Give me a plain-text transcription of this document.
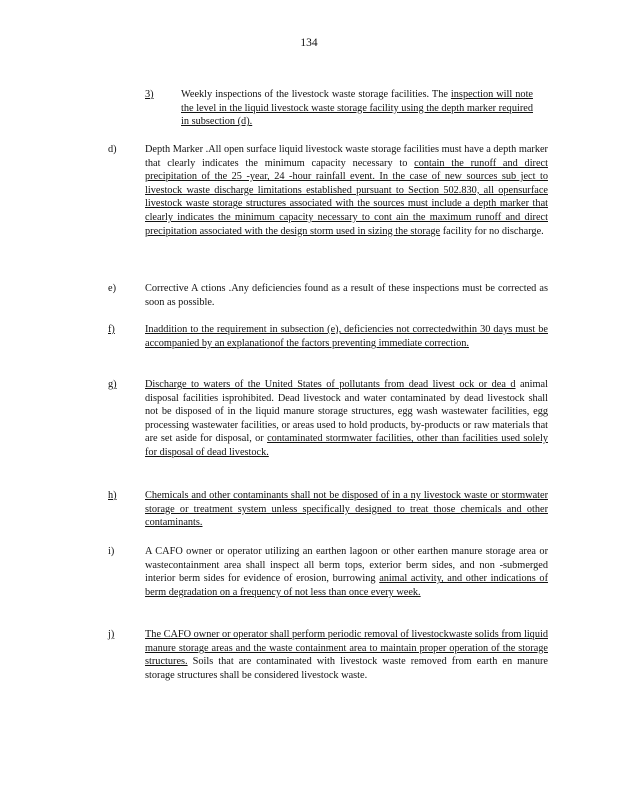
134
3)	Weekly inspections of the livestock waste storage facilities. The inspection will note the level in the liquid livestock waste storage facility using the depth marker required in subsection (d).
d)	Depth Marker .All open surface liquid livestock waste storage facilities must have a depth marker that clearly indicates the minimum capacity necessary to contain the runoff and direct precipitation of the 25 -year, 24 -hour rainfall event. In the case of new sources sub ject to livestock waste discharge limitations established pursuant to Section 502.830, all opensurface livestock waste storage structures associated with the sources must include a depth marker that clearly indicates the minimum capacity necessary to cont ain the maximum runoff and direct precipitation associated with the design storm used in sizing the storage facility for no discharge.
e)	Corrective A ctions .Any deficiencies found as a result of these inspections must be corrected as soon as possible.
f)	Inaddition to the requirement in subsection (e), deficiencies not correctedwithin 30 days must be accompanied by an explanationof the factors preventing immediate correction.
g)	Discharge to waters of the United States of pollutants from dead livest ock or dea d animal disposal facilities isprohibited. Dead livestock and water contaminated by dead livestock shall not be disposed of in the liquid manure storage structures, egg wash wastewater facilities, egg processing wastewater facilities, or areas used to hold products, by-products or raw materials that are set aside for disposal, or contaminated stormwater facilities, other than facilities used solely for disposal of dead livestock.
h)	Chemicals and other contaminants shall not be disposed of in a ny livestock waste or stormwater storage or treatment system unless specifically designed to treat those chemicals and other contaminants.
i)	A CAFO owner or operator utilizing an earthen lagoon or other earthen manure storage area or wastecontainment area shall inspect all berm tops, exterior berm sides, and non -submerged interior berm sides for evidence of erosion, burrowing animal activity, and other indications of berm degradation on a frequency of not less than once every week.
j)	The CAFO owner or operator shall perform periodic removal of livestockwaste solids from liquid manure storage areas and the waste containment area to maintain proper operation of the storage structures. Soils that are contaminated with livestock waste removed from earth en manure storage structures shall be considered livestock waste.
